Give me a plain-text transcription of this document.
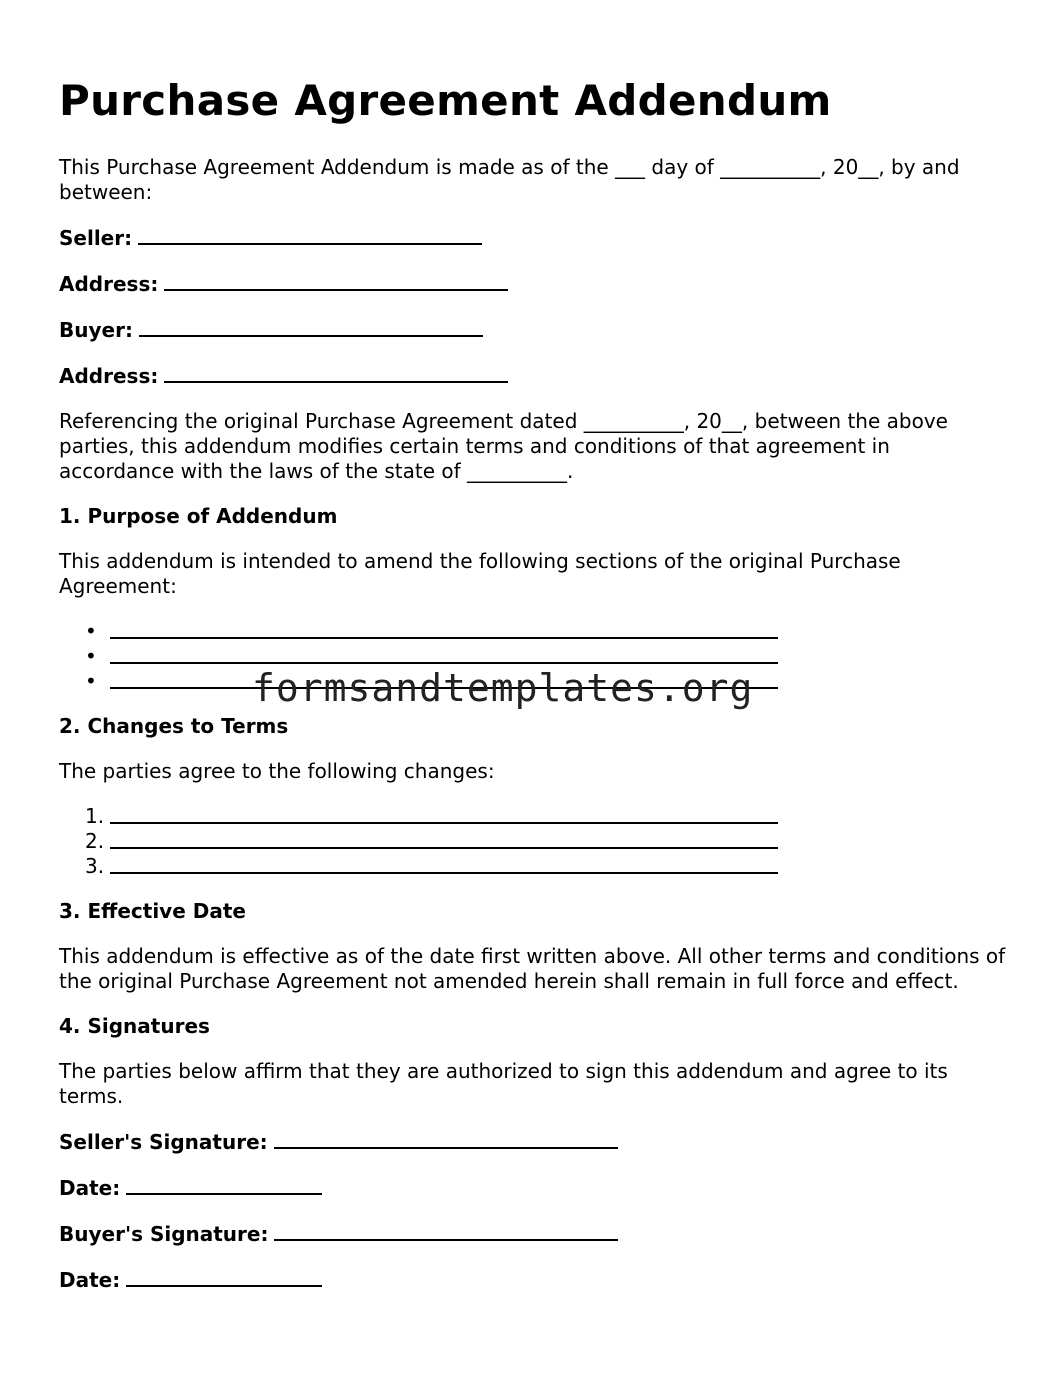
Purchase Agreement Addendum

This Purchase Agreement Addendum is made as of the ___ day of __________, 20__, by and between:

Seller:
Address:
Buyer:
Address:

Referencing the original Purchase Agreement dated __________, 20__, between the above parties, this addendum modifies certain terms and conditions of that agreement in accordance with the laws of the state of __________.

1. Purpose of Addendum

This addendum is intended to amend the following sections of the original Purchase Agreement:

•
•
•
2. Changes to Terms

The parties agree to the following changes:

1.
2.
3.
3. Effective Date

This addendum is effective as of the date first written above. All other terms and conditions of the original Purchase Agreement not amended herein shall remain in full force and effect.

4. Signatures

The parties below affirm that they are authorized to sign this addendum and agree to its terms.

Seller's Signature:
Date:
Buyer's Signature:
Date:
formsandtemplates.org
